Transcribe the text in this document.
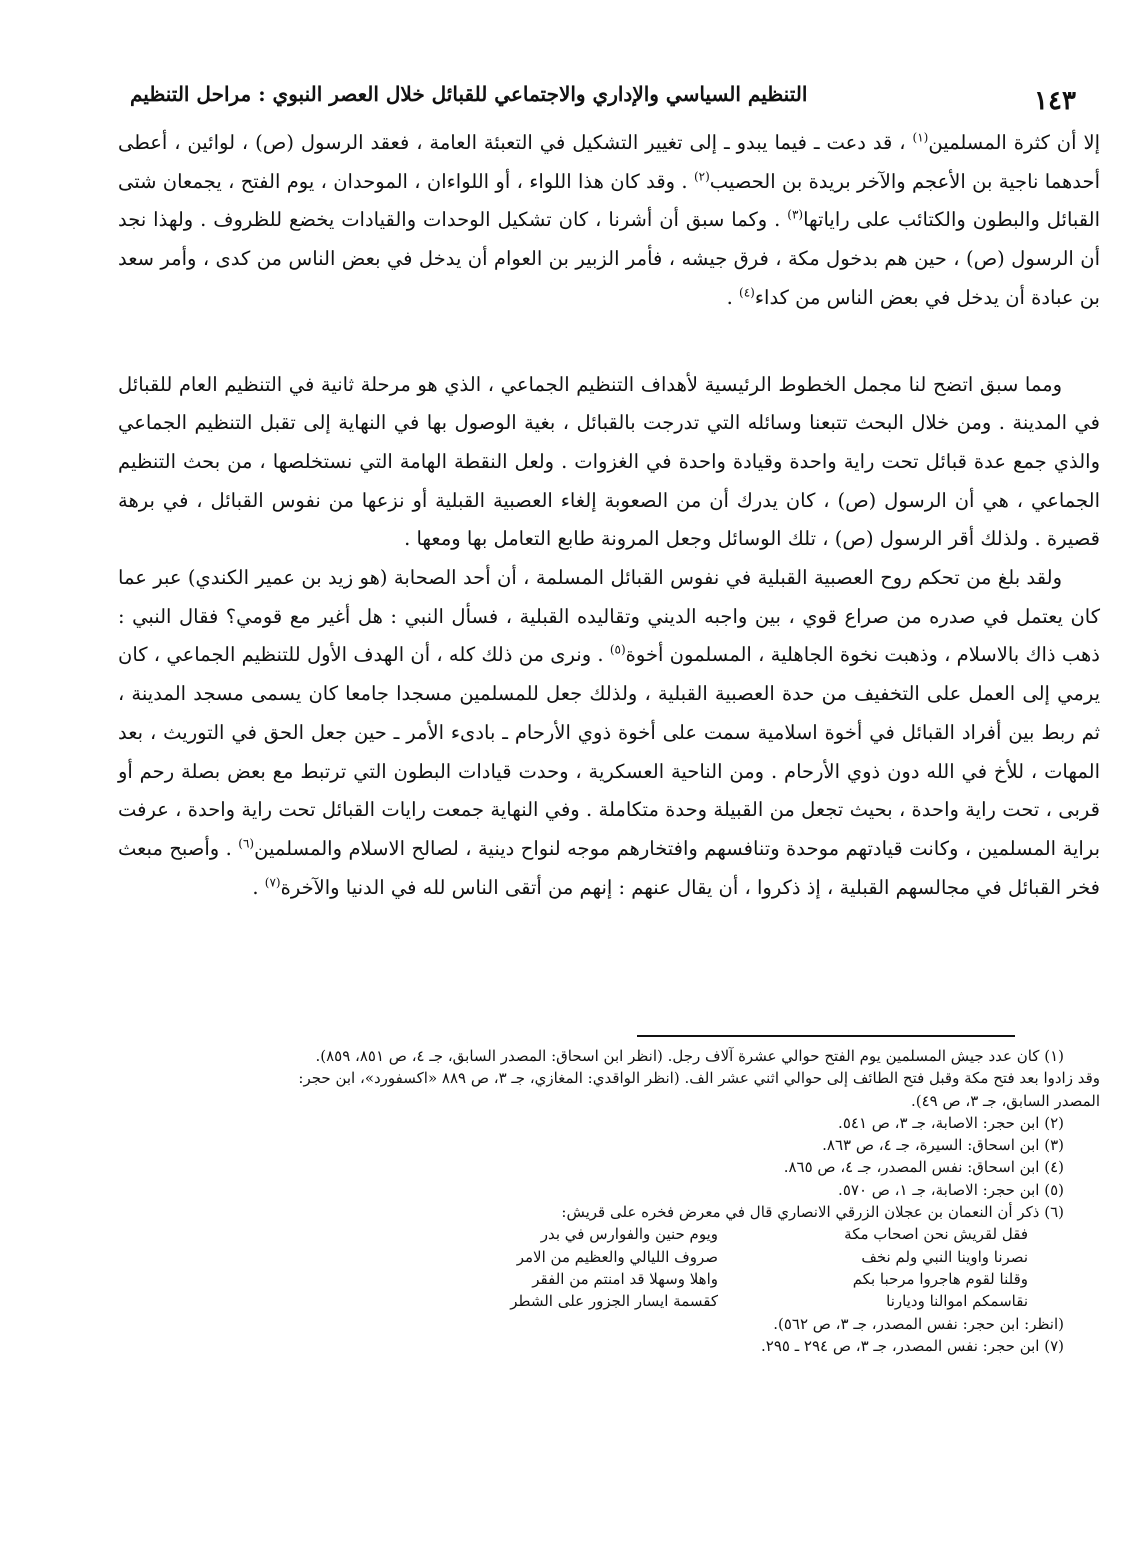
التنظيم السياسي والإداري والاجتماعي للقبائل خلال العصر النبوي : مراحل التنظيم	١٤٣

إلا أن كثرة المسلمين$^{(١)}$ ، قد دعت ـ فيما يبدو ـ إلى تغيير التشكيل في التعبئة العامة ، فعقد الرسول (ص) ، لوائين ، أعطى أحدهما ناجية بن الأعجم والآخر بريدة بن الحصيب$^{(٢)}$ . وقد كان هذا اللواء ، أو اللواءان ، الموحدان ، يوم الفتح ، يجمعان شتى القبائل والبطون والكتائب على راياتها$^{(٣)}$ . وكما سبق أن أشرنا ، كان تشكيل الوحدات والقيادات يخضع للظروف . ولهذا نجد أن الرسول (ص) ، حين هم بدخول مكة ، فرق جيشه ، فأمر الزبير بن العوام أن يدخل في بعض الناس من كدى ، وأمر سعد بن عبادة أن يدخل في بعض الناس من كداء$^{(٤)}$ .

ومما سبق اتضح لنا مجمل الخطوط الرئيسية لأهداف التنظيم الجماعي ، الذي هو مرحلة ثانية في التنظيم العام للقبائل في المدينة . ومن خلال البحث تتبعنا وسائله التي تدرجت بالقبائل ، بغية الوصول بها في النهاية إلى تقبل التنظيم الجماعي والذي جمع عدة قبائل تحت راية واحدة وقيادة واحدة في الغزوات . ولعل النقطة الهامة التي نستخلصها ، من بحث التنظيم الجماعي ، هي أن الرسول (ص) ، كان يدرك أن من الصعوبة إلغاء العصبية القبلية أو نزعها من نفوس القبائل ، في برهة قصيرة . ولذلك أقر الرسول (ص) ، تلك الوسائل وجعل المرونة طابع التعامل بها ومعها .

ولقد بلغ من تحكم روح العصبية القبلية في نفوس القبائل المسلمة ، أن أحد الصحابة (هو زيد بن عمير الكندي) عبر عما كان يعتمل في صدره من صراع قوي ، بين واجبه الديني وتقاليده القبلية ، فسأل النبي : هل أغير مع قومي؟ فقال النبي : ذهب ذاك بالاسلام ، وذهبت نخوة الجاهلية ، المسلمون أخوة$^{(٥)}$ . ونرى من ذلك كله ، أن الهدف الأول للتنظيم الجماعي ، كان يرمي إلى العمل على التخفيف من حدة العصبية القبلية ، ولذلك جعل للمسلمين مسجدا جامعا كان يسمى مسجد المدينة ، ثم ربط بين أفراد القبائل في أخوة اسلامية سمت على أخوة ذوي الأرحام ـ بادىء الأمر ـ حين جعل الحق في التوريث ، بعد المهات ، للأخ في الله دون ذوي الأرحام . ومن الناحية العسكرية ، وحدت قيادات البطون التي ترتبط مع بعض بصلة رحم أو قربى ، تحت راية واحدة ، بحيث تجعل من القبيلة وحدة متكاملة . وفي النهاية جمعت رايات القبائل تحت راية واحدة ، عرفت براية المسلمين ، وكانت قيادتهم موحدة وتنافسهم وافتخارهم موجه لنواح دينية ، لصالح الاسلام والمسلمين$^{(٦)}$ . وأصبح مبعث فخر القبائل في مجالسهم القبلية ، إذ ذكروا ، أن يقال عنهم : إنهم من أتقى الناس لله في الدنيا والآخرة$^{(٧)}$ .

(١) كان عدد جيش المسلمين يوم الفتح حوالي عشرة آلاف رجل. (انظر ابن اسحاق: المصدر السابق، جـ ٤، ص ٨٥١، ٨٥٩).

وقد زادوا بعد فتح مكة وقبل فتح الطائف إلى حوالي اثني عشر الف. (انظر الواقدي: المغازي، جـ ٣، ص ٨٨٩ «اكسفورد»، ابن حجر:

المصدر السابق، جـ ٣، ص ٤٩).

(٢) ابن حجر: الاصابة، جـ ٣، ص ٥٤١.

(٣) ابن اسحاق: السيرة، جـ ٤، ص ٨٦٣.

(٤) ابن اسحاق: نفس المصدر، جـ ٤، ص ٨٦٥.

(٥) ابن حجر: الاصابة، جـ ١، ص ٥٧٠.

(٦) ذكر أن النعمان بن عجلان الزرقي الانصاري قال في معرض فخره على قريش:

فقل لقريش نحن اصحاب مكة
ويوم حنين والفوارس في بدر
نصرنا واوينا النبي ولم نخف
صروف الليالي والعظيم من الامر
وقلنا لقوم هاجروا مرحبا بكم
واهلا وسهلا قد امنتم من الفقر
نقاسمكم اموالنا وديارنا
كقسمة ايسار الجزور على الشطر

(انظر: ابن حجر: نفس المصدر، جـ ٣، ص ٥٦٢).

(٧) ابن حجر: نفس المصدر، جـ ٣، ص ٢٩٤ ـ ٢٩٥.
